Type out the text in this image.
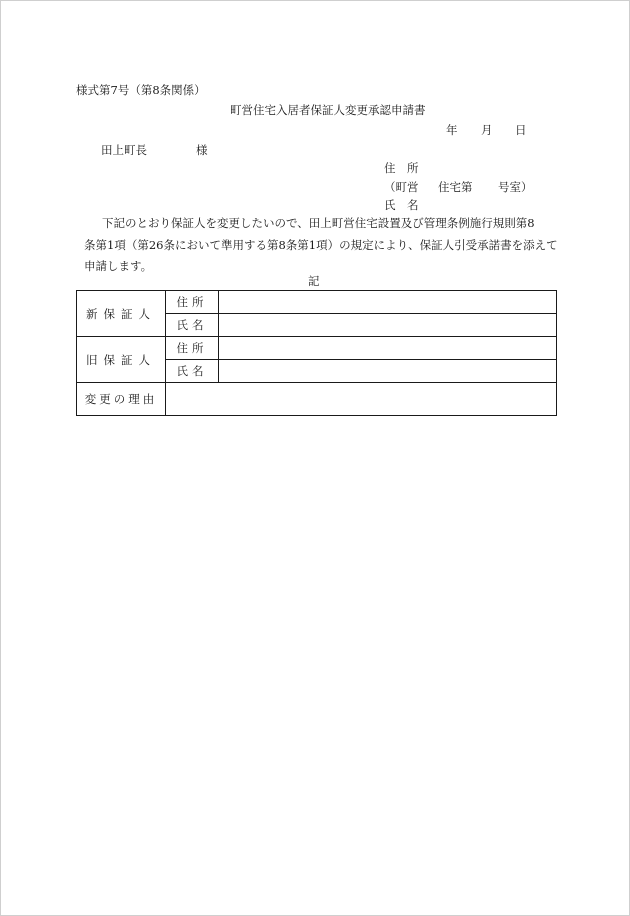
様式第7号（第8条関係）
町営住宅入居者保証人変更承認申請書
年 月 日
田上町長	様
住　所
（町営 住宅第 号室）
氏　名

下記のとおり保証人を変更したいので、田上町営住宅設置及び管理条例施行規則第8

条第1項（第26条において準用する第8条第1項）の規定により、保証人引受承諾書を添えて

申請します。

記
新保証人	住所	
	氏名	
旧保証人	住所	
	氏名	
変更の理由		
